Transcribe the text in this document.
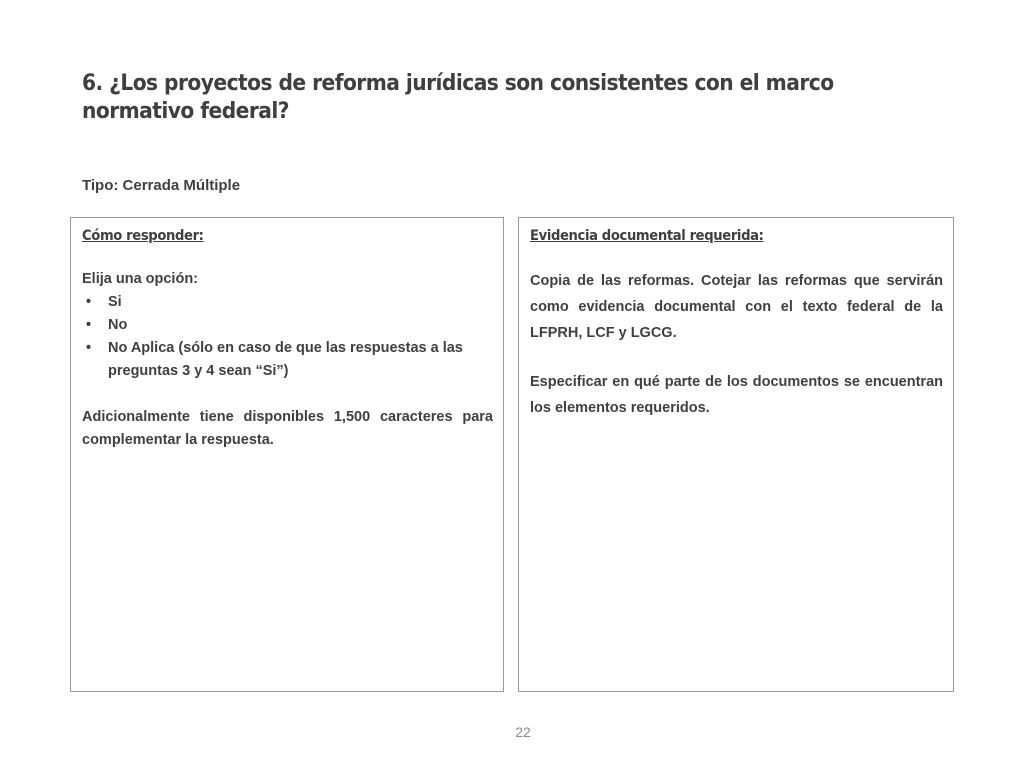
6. ¿Los proyectos de reforma jurídicas son consistentes con el marco normativo federal?

Tipo: Cerrada Múltiple

Cómo responder:

Elija una opción:

• Si
• No
• No Aplica (sólo en caso de que las respuestas a las preguntas 3 y 4 sean “Si”)

Adicionalmente tiene disponibles 1,500 caracteres para complementar la respuesta.

Evidencia documental requerida:

Copia de las reformas. Cotejar las reformas que servirán como evidencia documental con el texto federal de la LFPRH, LCF y LGCG.

Especificar en qué parte de los documentos se encuentran los elementos requeridos.

22
